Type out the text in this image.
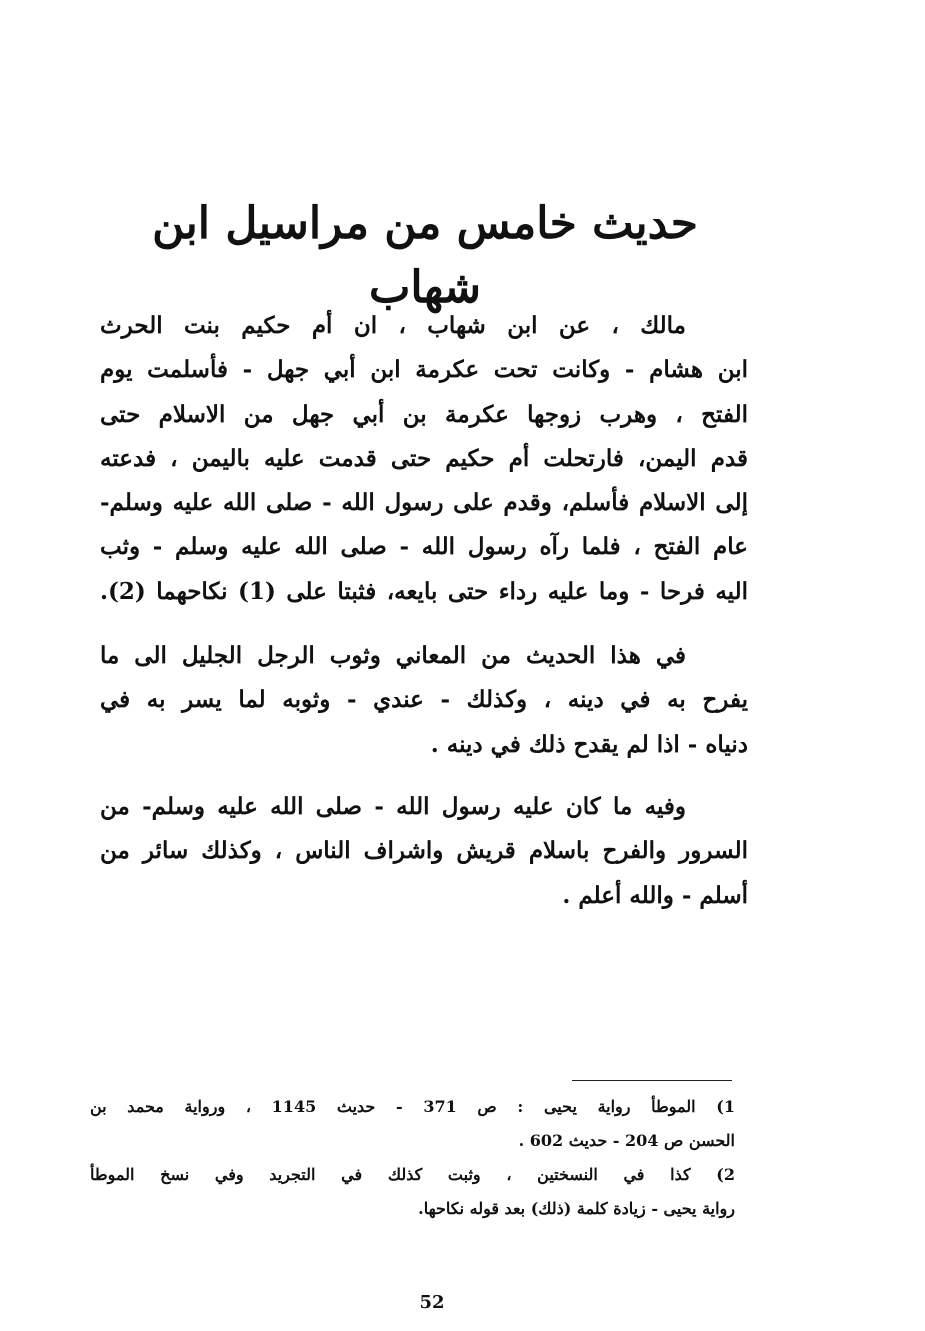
حديث خامس من مراسيل ابن شهاب

مالك ، عن ابن شهاب ، ان أم حكيم بنت الحرث
ابن هشام - وكانت تحت عكرمة ابن أبي جهل - فأسلمت يوم
الفتح ، وهرب زوجها عكرمة بن أبي جهل من الاسلام حتى
قدم اليمن، فارتحلت أم حكيم حتى قدمت عليه باليمن ، فدعته
إلى الاسلام فأسلم، وقدم على رسول الله - صلى الله عليه وسلم-
عام الفتح ، فلما رآه رسول الله - صلى الله عليه وسلم - وثب
اليه فرحا - وما عليه رداء حتى بايعه، فثبتا على (1) نكاحهما (2).

في هذا الحديث من المعاني وثوب الرجل الجليل الى ما
يفرح به في دينه ، وكذلك - عندي - وثوبه لما يسر به في
دنياه - اذا لم يقدح ذلك في دينه .

وفيه ما كان عليه رسول الله - صلى الله عليه وسلم- من
السرور والفرح باسلام قريش واشراف الناس ، وكذلك سائر من
أسلم - والله أعلم .

1) الموطأ رواية يحيى : ص 371 - حديث 1145 ، ورواية محمد بن
الحسن ص 204 - حديث 602 .
2) كذا في النسختين ، وثبت كذلك في التجريد وفي نسخ الموطأ
رواية يحيى - زيادة كلمة (ذلك) بعد قوله نكاحها.
52
